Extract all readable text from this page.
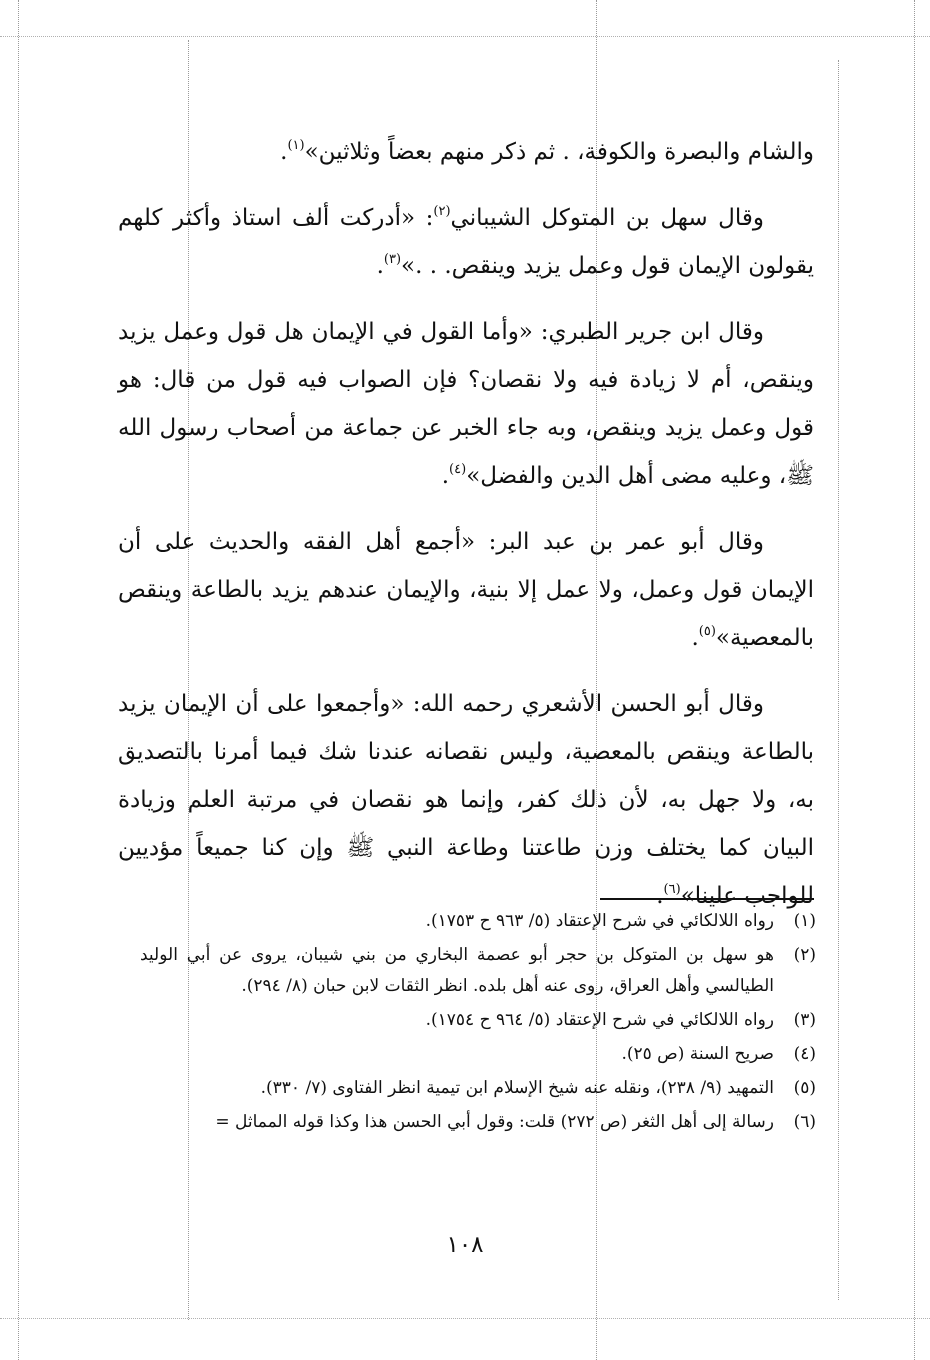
والشام والبصرة والكوفة، . ثم ذكر منهم بعضاً وثلاثين»$^{(١)}$.

وقال سهل بن المتوكل الشيباني$^{(٢)}$: «أدركت ألف استاذ وأكثر كلهم يقولون الإيمان قول وعمل يزيد وينقص. . .»$^{(٣)}$.

وقال ابن جرير الطبري: «وأما القول في الإيمان هل قول وعمل يزيد وينقص، أم لا زيادة فيه ولا نقصان؟ فإن الصواب فيه قول من قال: هو قول وعمل يزيد وينقص، وبه جاء الخبر عن جماعة من أصحاب رسول الله ﷺ، وعليه مضى أهل الدين والفضل»$^{(٤)}$.

وقال أبو عمر بن عبد البر: «أجمع أهل الفقه والحديث على أن الإيمان قول وعمل، ولا عمل إلا بنية، والإيمان عندهم يزيد بالطاعة وينقص بالمعصية»$^{(٥)}$.

وقال أبو الحسن الأشعري رحمه الله: «وأجمعوا على أن الإيمان يزيد بالطاعة وينقص بالمعصية، وليس نقصانه عندنا شك فيما أمرنا بالتصديق به، ولا جهل به، لأن ذلك كفر، وإنما هو نقصان في مرتبة العلم وزيادة البيان كما يختلف وزن طاعتنا وطاعة النبي ﷺ وإن كنا جميعاً مؤديين للواجب علينا»$^{(٦)}$.

(١)
رواه اللالكائي في شرح الإعتقاد (٥/ ٩٦٣ ح ١٧٥٣).
(٢)
هو سهل بن المتوكل بن حجر أبو عصمة البخاري من بني شيبان، يروى عن أبي الوليد الطيالسي وأهل العراق، روى عنه أهل بلده. انظر الثقات لابن حبان (٨/ ٢٩٤).
(٣)
رواه اللالكائي في شرح الإعتقاد (٥/ ٩٦٤ ح ١٧٥٤).
(٤)
صريح السنة (ص ٢٥).
(٥)
التمهيد (٩/ ٢٣٨)، ونقله عنه شيخ الإسلام ابن تيمية انظر الفتاوى (٧/ ٣٣٠).
(٦)
رسالة إلى أهل الثغر (ص ٢٧٢) قلت: وقول أبي الحسن هذا وكذا قوله المماثل =
١٠٨
